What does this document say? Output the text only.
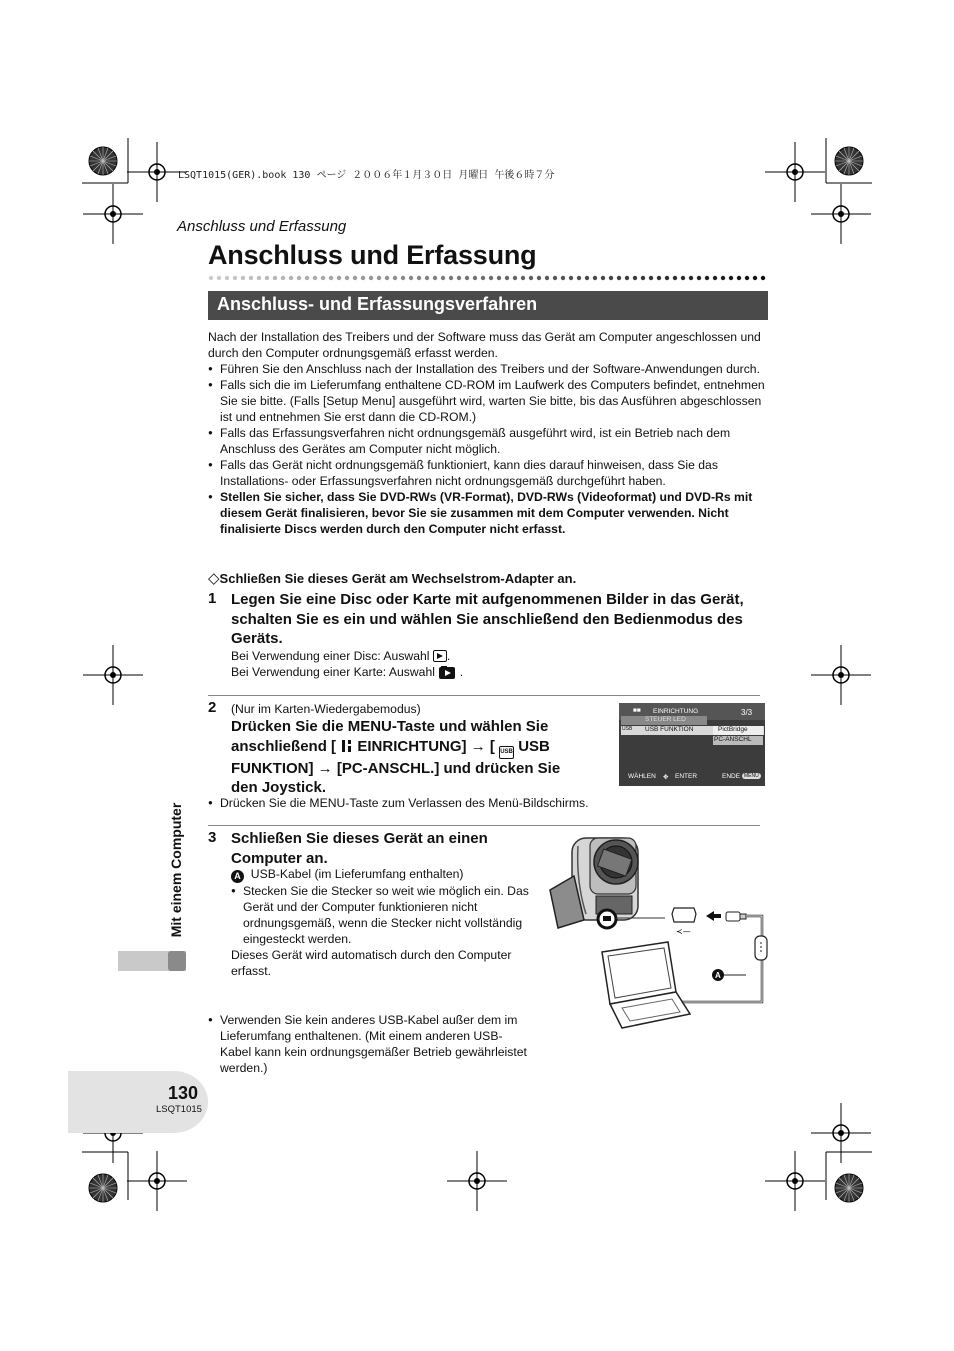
LSQT1015(GER).book 130 ページ ２００６年１月３０日 月曜日 午後６時７分
Anschluss und Erfassung
Anschluss und Erfassung
Anschluss- und Erfassungsverfahren
Nach der Installation des Treibers und der Software muss das Gerät am Computer angeschlossen und durch den Computer ordnungsgemäß erfasst werden.
● Führen Sie den Anschluss nach der Installation des Treibers und der Software-Anwendungen durch.
● Falls sich die im Lieferumfang enthaltene CD-ROM im Laufwerk des Computers befindet, entnehmen Sie sie bitte. (Falls [Setup Menu] ausgeführt wird, warten Sie bitte, bis das Ausführen abgeschlossen ist und entnehmen Sie erst dann die CD-ROM.)
● Falls das Erfassungsverfahren nicht ordnungsgemäß ausgeführt wird, ist ein Betrieb nach dem Anschluss des Gerätes am Computer nicht möglich.
● Falls das Gerät nicht ordnungsgemäß funktioniert, kann dies darauf hinweisen, dass Sie das Installations- oder Erfassungsverfahren nicht ordnungsgemäß durchgeführt haben.
● Stellen Sie sicher, dass Sie DVD-RWs (VR-Format), DVD-RWs (Videoformat) und DVD-Rs mit diesem Gerät finalisieren, bevor Sie sie zusammen mit dem Computer verwenden. Nicht finalisierte Discs werden durch den Computer nicht erfasst.
◇Schließen Sie dieses Gerät am Wechselstrom-Adapter an.
1 Legen Sie eine Disc oder Karte mit aufgenommenen Bilder in das Gerät, schalten Sie es ein und wählen Sie anschließend den Bedienmodus des Geräts.
Bei Verwendung einer Disc: Auswahl .
Bei Verwendung einer Karte: Auswahl  .
2 (Nur im Karten-Wiedergabemodus)
Drücken Sie die MENU-Taste und wählen Sie
anschließend [ EINRICHTUNG] → [ USB USB
FUNKTION] → [PC-ANSCHL.] und drücken Sie
den Joystick.
■■ EINRICHTUNG	3/3
STEUER LED
USB USB FUNKTION	PictBridge
PC-ANSCHL
WÄHLEN ✥ ENTER	ENDE MENU
● Drücken Sie die MENU-Taste zum Verlassen des Menü-Bildschirms.
3 Schließen Sie dieses Gerät an einen Computer an.
A USB-Kabel (im Lieferumfang enthalten)
● Stecken Sie die Stecker so weit wie möglich ein. Das Gerät und der Computer funktionieren nicht ordnungsgemäß, wenn die Stecker nicht vollständig eingesteckt werden.
Dieses Gerät wird automatisch durch den Computer erfasst.
● Verwenden Sie kein anderes USB-Kabel außer dem im Lieferumfang enthaltenen. (Mit einem anderen USB-Kabel kann kein ordnungsgemäßer Betrieb gewährleistet werden.)
≺—
A
Mit einem Computer
130
LSQT1015
